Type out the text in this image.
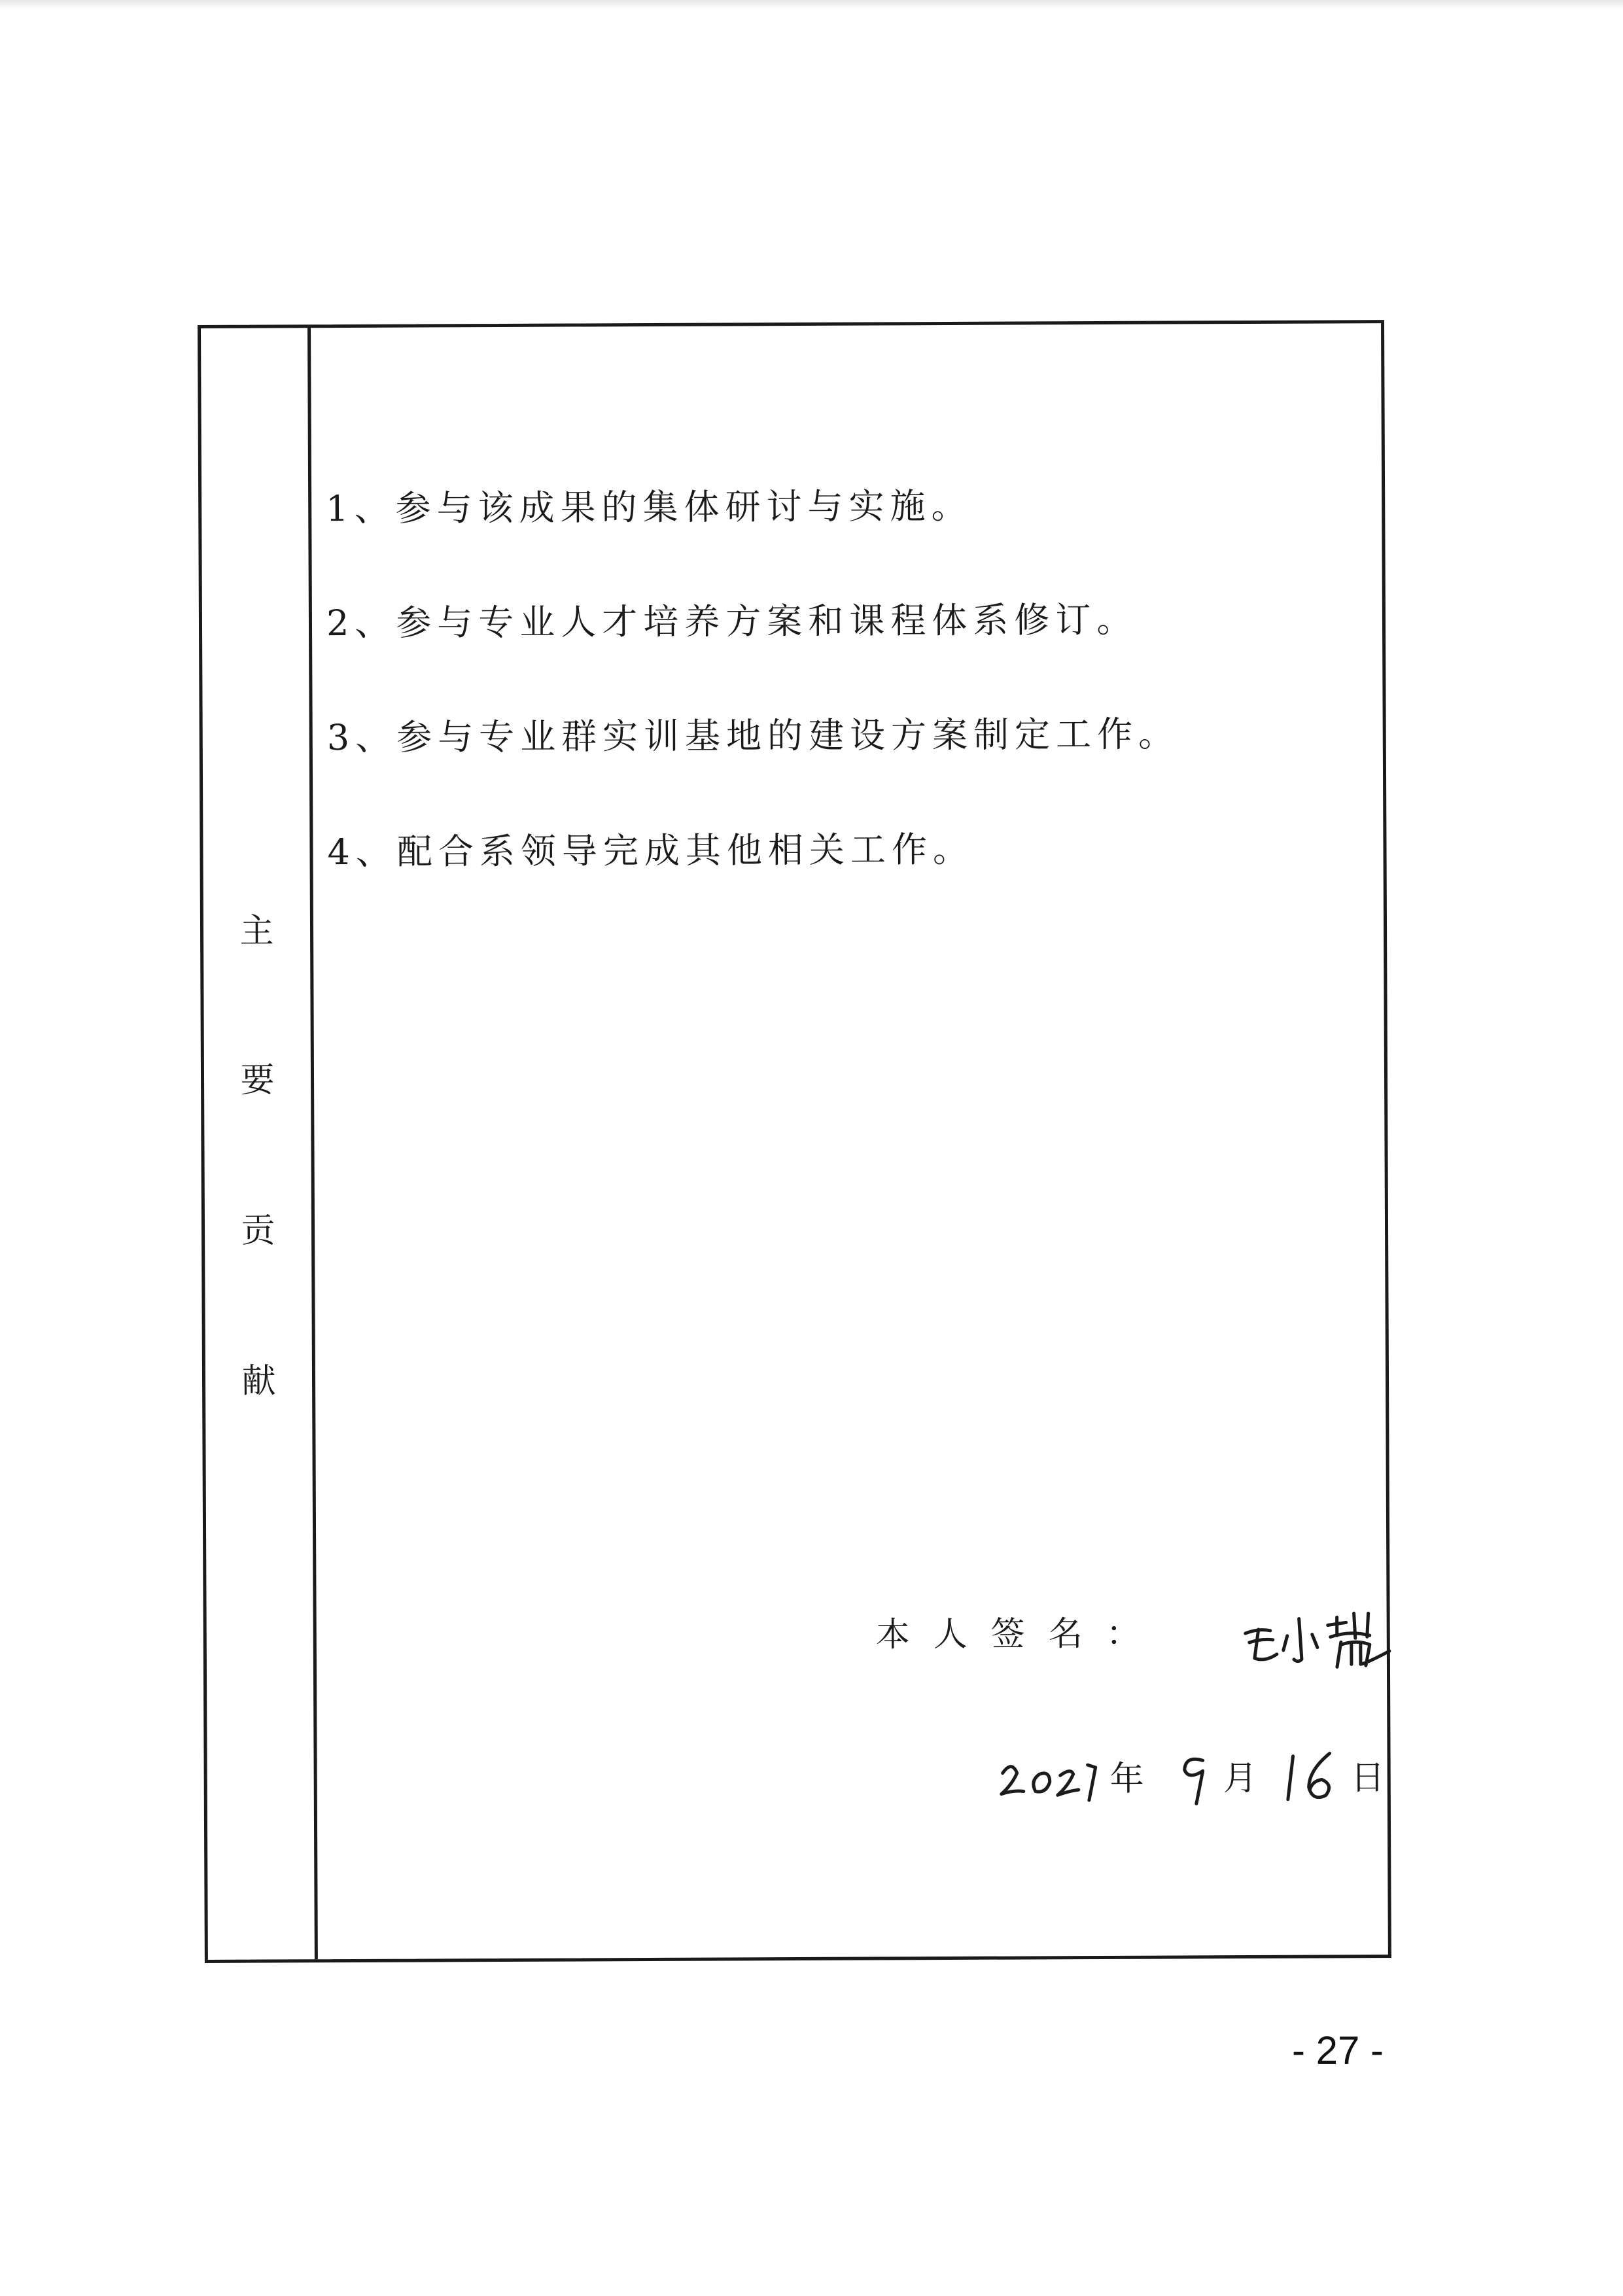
主
要
贡
献
1、参与该成果的集体研讨与实施。
2、参与专业人才培养方案和课程体系修订。
3、参与专业群实训基地的建设方案制定工作。
4、配合系领导完成其他相关工作。
本人签名：
年 月	日
- 27 -
